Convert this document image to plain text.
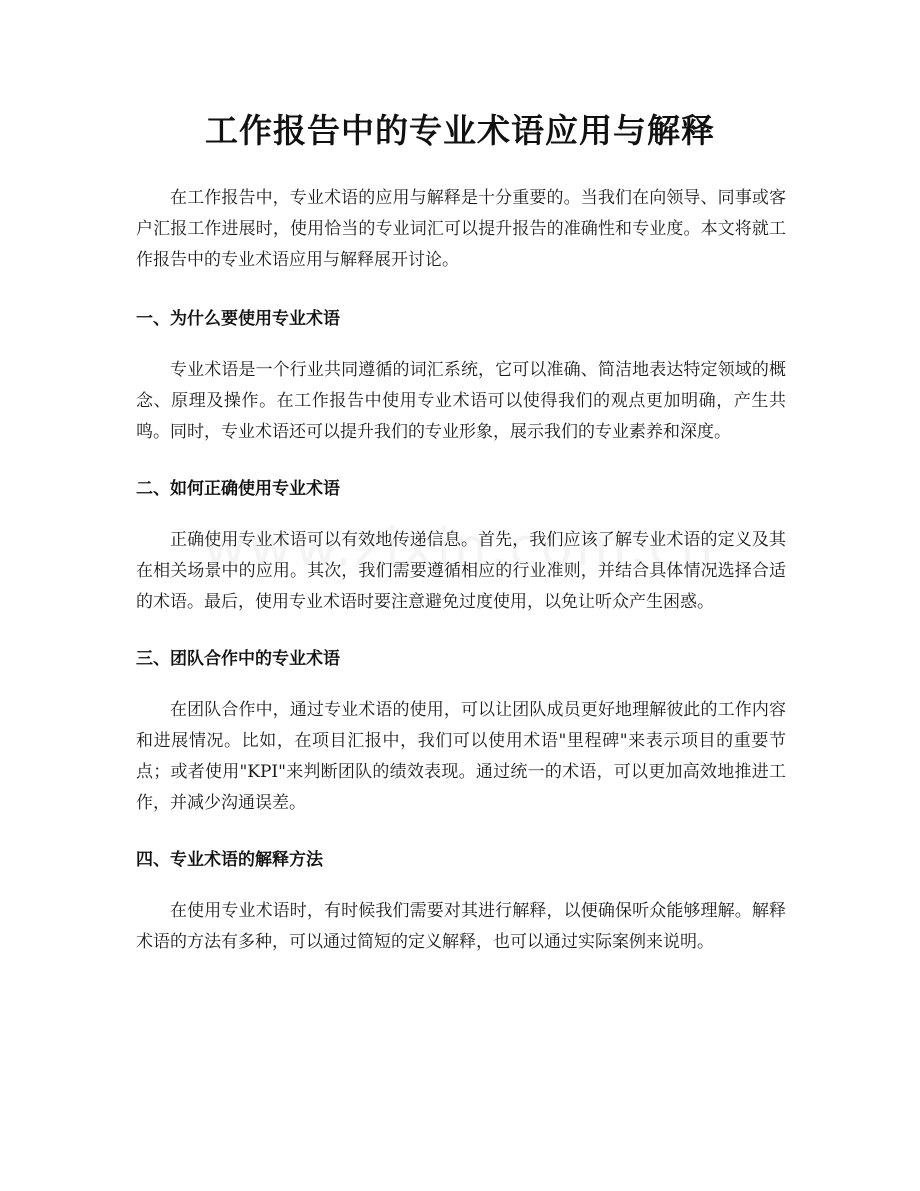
工作报告中的专业术语应用与解释

在工作报告中，专业术语的应用与解释是十分重要的。当我们在向领导、同事或客户汇报工作进展时，使用恰当的专业词汇可以提升报告的准确性和专业度。本文将就工作报告中的专业术语应用与解释展开讨论。

一、为什么要使用专业术语

专业术语是一个行业共同遵循的词汇系统，它可以准确、简洁地表达特定领域的概念、原理及操作。在工作报告中使用专业术语可以使得我们的观点更加明确，产生共鸣。同时，专业术语还可以提升我们的专业形象，展示我们的专业素养和深度。

二、如何正确使用专业术语

正确使用专业术语可以有效地传递信息。首先，我们应该了解专业术语的定义及其在相关场景中的应用。其次，我们需要遵循相应的行业准则，并结合具体情况选择合适的术语。最后，使用专业术语时要注意避免过度使用，以免让听众产生困惑。

三、团队合作中的专业术语

在团队合作中，通过专业术语的使用，可以让团队成员更好地理解彼此的工作内容和进展情况。比如，在项目汇报中，我们可以使用术语"里程碑"来表示项目的重要节点；或者使用"KPI"来判断团队的绩效表现。通过统一的术语，可以更加高效地推进工作，并减少沟通误差。

四、专业术语的解释方法

在使用专业术语时，有时候我们需要对其进行解释，以便确保听众能够理解。解释术语的方法有多种，可以通过简短的定义解释，也可以通过实际案例来说明。
